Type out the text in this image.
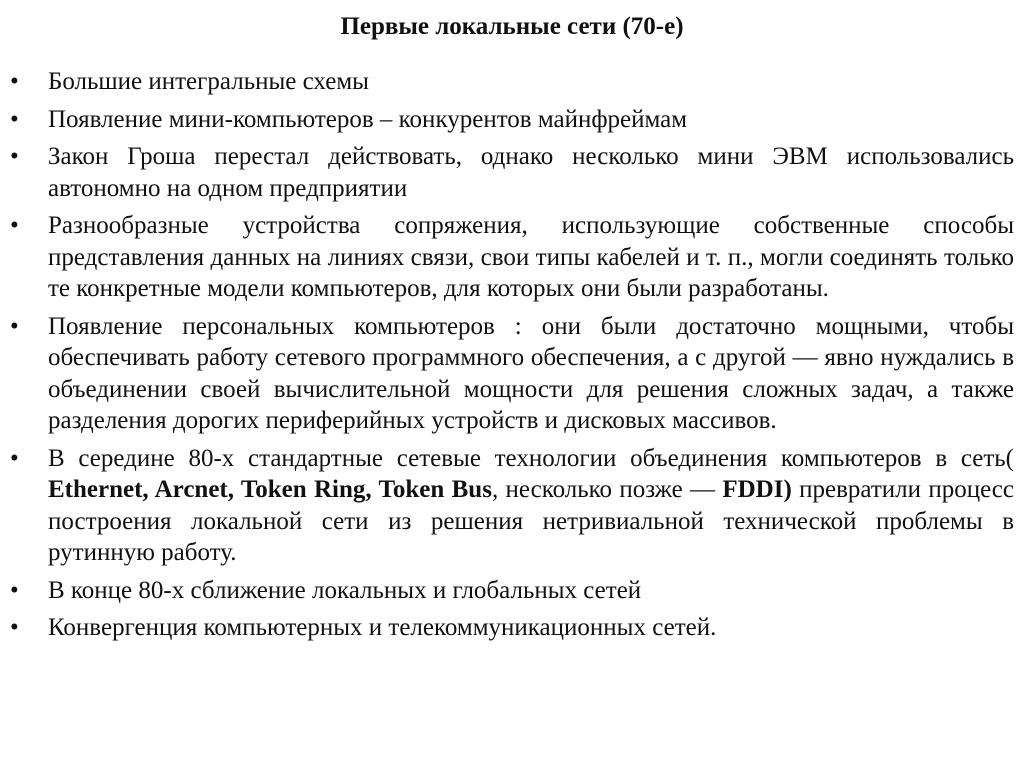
Первые локальные сети (70-е)
• Большие интегральные схемы
• Появление мини-компьютеров – конкурентов майнфреймам
• Закон Гроша перестал действовать, однако несколько мини ЭВМ использовались автономно на одном предприятии
• Разнообразные устройства сопряжения, использующие собственные способы представления данных на линиях связи, свои типы кабелей и т. п., могли соединять только те конкретные модели компьютеров, для которых они были разработаны.
• Появление персональных компьютеров : они были достаточно мощными, чтобы обеспечивать работу сетевого программного обеспечения, а с другой — явно нуждались в объединении своей вычислительной мощности для решения сложных задач, а также разделения дорогих периферийных устройств и дисковых массивов.
• В середине 80-х стандартные сетевые технологии объединения компьютеров в сеть( Ethernet, Arcnet, Token Ring, Token Bus, несколько позже — FDDI) превратили процесс построения локальной сети из решения нетривиальной технической проблемы в рутинную работу.
• В конце 80-х сближение локальных и глобальных сетей
• Конвергенция компьютерных и телекоммуникационных сетей.
